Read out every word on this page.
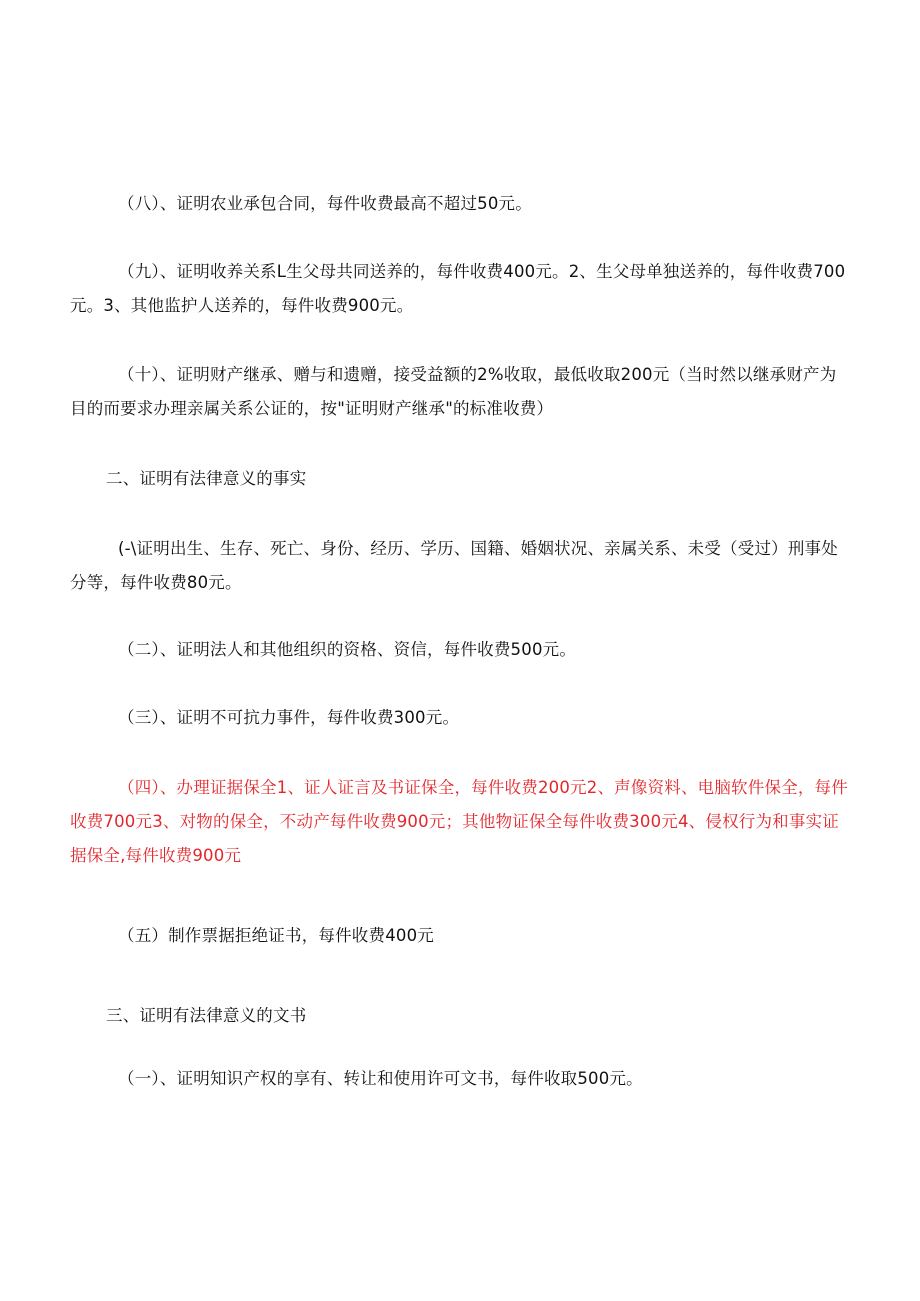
（八）、证明农业承包合同，每件收费最高不超过50元。

（九）、证明收养关系L生父母共同送养的，每件收费400元。2、生父母单独送养的，每件收费700元。3、其他监护人送养的，每件收费900元。

（十）、证明财产继承、赠与和遗赠，接受益额的2%收取，最低收取200元（当时然以继承财产为目的而要求办理亲属关系公证的，按"证明财产继承"的标准收费）

二、证明有法律意义的事实

(-\证明出生、生存、死亡、身份、经历、学历、国籍、婚姻状况、亲属关系、未受（受过）刑事处分等，每件收费80元。

（二）、证明法人和其他组织的资格、资信，每件收费500元。

（三）、证明不可抗力事件，每件收费300元。

（四）、办理证据保全1、证人证言及书证保全，每件收费200元2、声像资料、电脑软件保全，每件收费700元3、对物的保全，不动产每件收费900元；其他物证保全每件收费300元4、侵权行为和事实证据保全,每件收费900元

（五）制作票据拒绝证书，每件收费400元

三、证明有法律意义的文书

（一）、证明知识产权的享有、转让和使用许可文书，每件收取500元。
